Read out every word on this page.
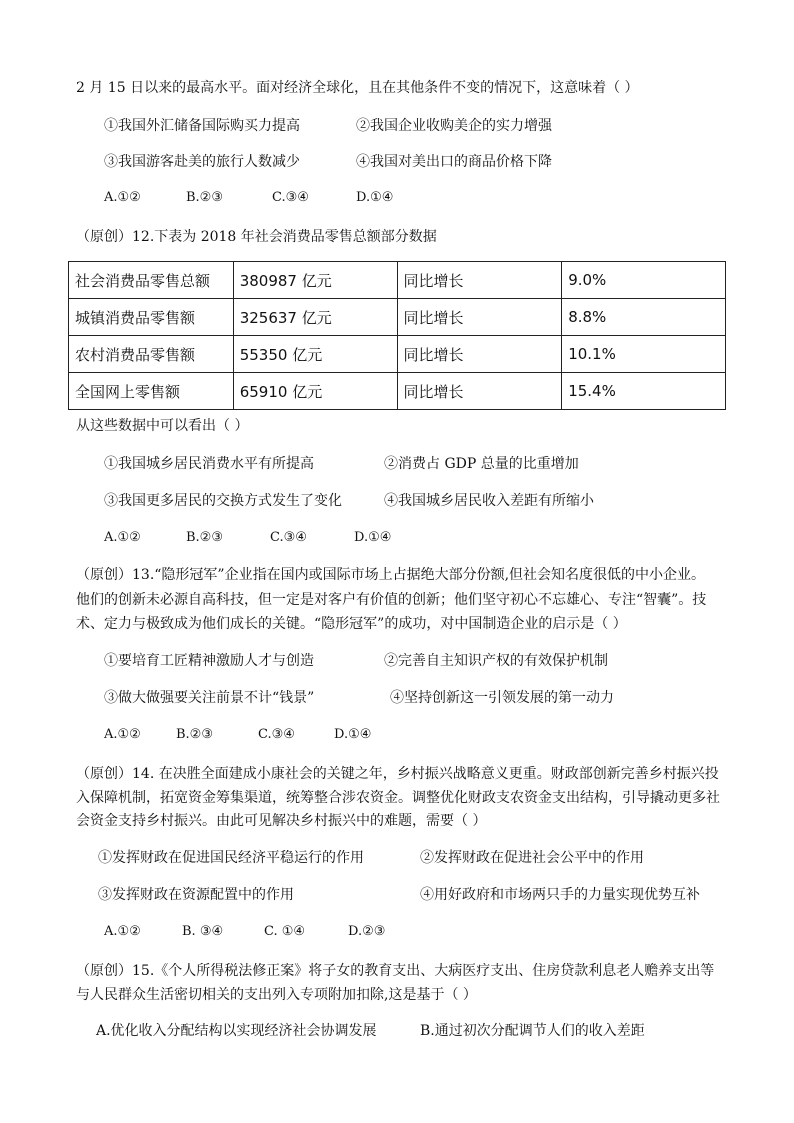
2 月 15 日以来的最高水平。面对经济全球化，且在其他条件不变的情况下，这意味着（ ）
①我国外汇储备国际购买力提高	②我国企业收购美企的实力增强
③我国游客赴美的旅行人数减少	④我国对美出口的商品价格下降
A.①②	B.②③	C.③④	D.①④
（原创）12.下表为 2018 年社会消费品零售总额部分数据
社会消费品零售总额	380987 亿元	同比增长	9.0%
城镇消费品零售额	325637 亿元	同比增长	8.8%
农村消费品零售额	55350 亿元	同比增长	10.1%
全国网上零售额	65910 亿元	同比增长	15.4%
从这些数据中可以看出（ ）
①我国城乡居民消费水平有所提高	②消费占 GDP 总量的比重增加
③我国更多居民的交换方式发生了变化	④我国城乡居民收入差距有所缩小
A.①②	B.②③	C.③④	D.①④
（原创）13.“隐形冠军”企业指在国内或国际市场上占据绝大部分份额,但社会知名度很低的中小企业。
他们的创新未必源自高科技，但一定是对客户有价值的创新；他们坚守初心不忘雄心、专注“智囊”。技
术、定力与极致成为他们成长的关键。“隐形冠军”的成功，对中国制造企业的启示是（ ）
①要培育工匠精神激励人才与创造	②完善自主知识产权的有效保护机制
③做大做强要关注前景不计“钱景”	④坚持创新这一引领发展的第一动力
A.①②	B.②③	C.③④	D.①④
（原创）14. 在决胜全面建成小康社会的关键之年，乡村振兴战略意义更重。财政部创新完善乡村振兴投
入保障机制，拓宽资金筹集渠道，统筹整合涉农资金。调整优化财政支农资金支出结构，引导撬动更多社
会资金支持乡村振兴。由此可见解决乡村振兴中的难题，需要（ ）
①发挥财政在促进国民经济平稳运行的作用	②发挥财政在促进社会公平中的作用
③发挥财政在资源配置中的作用	④用好政府和市场两只手的力量实现优势互补
A.①②	B. ③④	C. ①④	D.②③
（原创）15.《个人所得税法修正案》将子女的教育支出、大病医疗支出、住房贷款利息老人赡养支出等
与人民群众生活密切相关的支出列入专项附加扣除,这是基于（ ）
A.优化收入分配结构以实现经济社会协调发展	B.通过初次分配调节人们的收入差距
